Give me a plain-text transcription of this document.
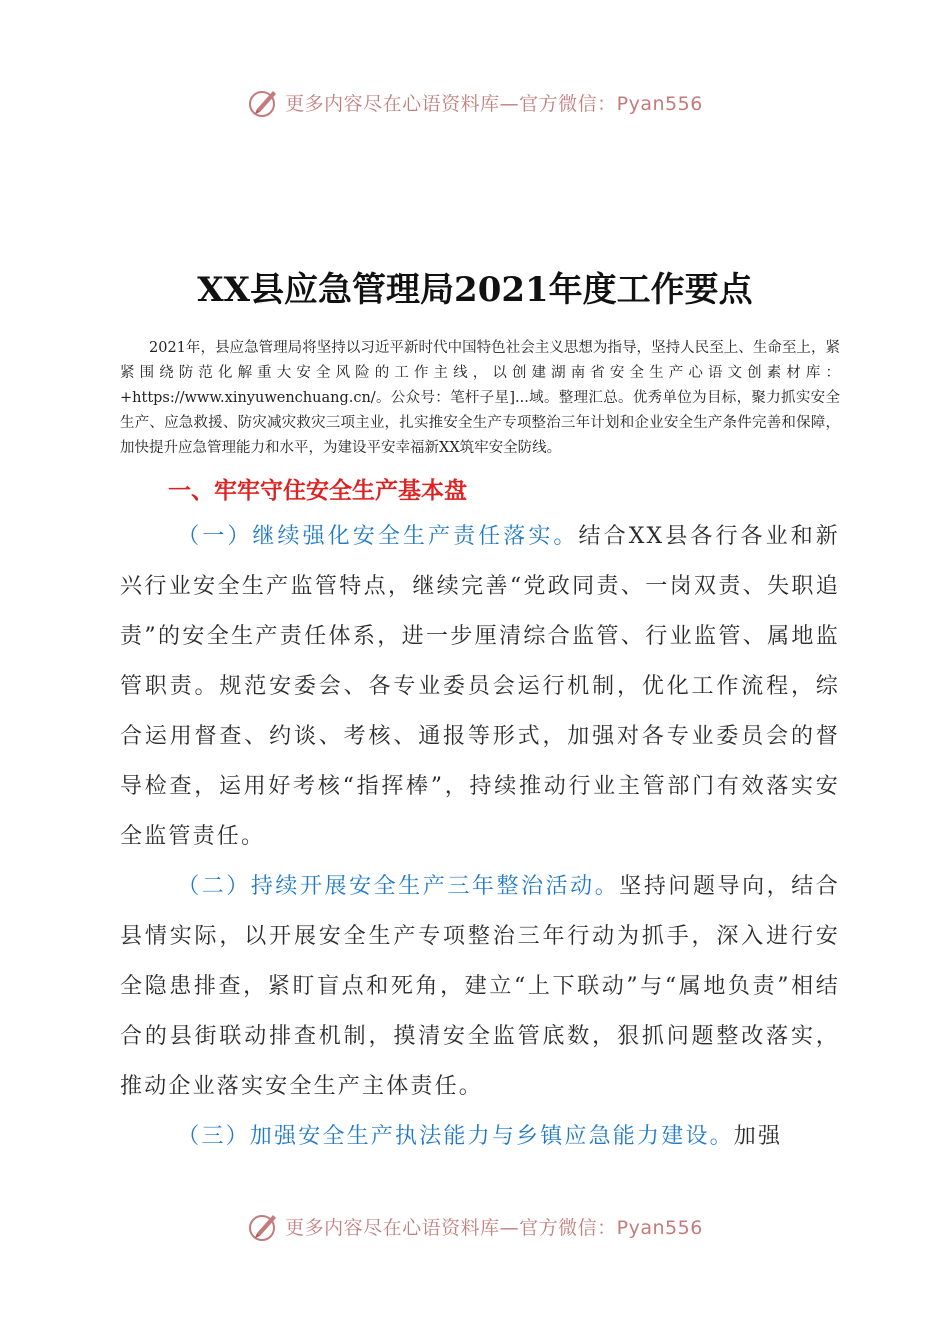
更多内容尽在心语资料库—官方微信：Pyan556
XX县应急管理局2021年度工作要点
2021年，县应急管理局将坚持以习近平新时代中国特色社会主义思想为指导，坚持人民至上、生命至上，紧紧围绕防范化解重大安全风险的工作主线，以创建湖南省安全生产心语文创素材库：+https://www.xinyuwenchuang.cn/。公众号：笔杆子星]...域。整理汇总。优秀单位为目标，聚力抓实安全生产、应急救援、防灾减灾救灾三项主业，扎实推安全生产专项整治三年计划和企业安全生产条件完善和保障，加快提升应急管理能力和水平，为建设平安幸福新XX筑牢安全防线。
一、牢牢守住安全生产基本盘
（一）继续强化安全生产责任落实。结合XX县各行各业和新兴行业安全生产监管特点，继续完善“党政同责、一岗双责、失职追责”的安全生产责任体系，进一步厘清综合监管、行业监管、属地监管职责。规范安委会、各专业委员会运行机制，优化工作流程，综合运用督查、约谈、考核、通报等形式，加强对各专业委员会的督导检查，运用好考核“指挥棒”，持续推动行业主管部门有效落实安全监管责任。
（二）持续开展安全生产三年整治活动。坚持问题导向，结合县情实际，以开展安全生产专项整治三年行动为抓手，深入进行安全隐患排查，紧盯盲点和死角，建立“上下联动”与“属地负责”相结合的县街联动排查机制，摸清安全监管底数，狠抓问题整改落实，推动企业落实安全生产主体责任。
（三）加强安全生产执法能力与乡镇应急能力建设。加强
更多内容尽在心语资料库—官方微信：Pyan556
